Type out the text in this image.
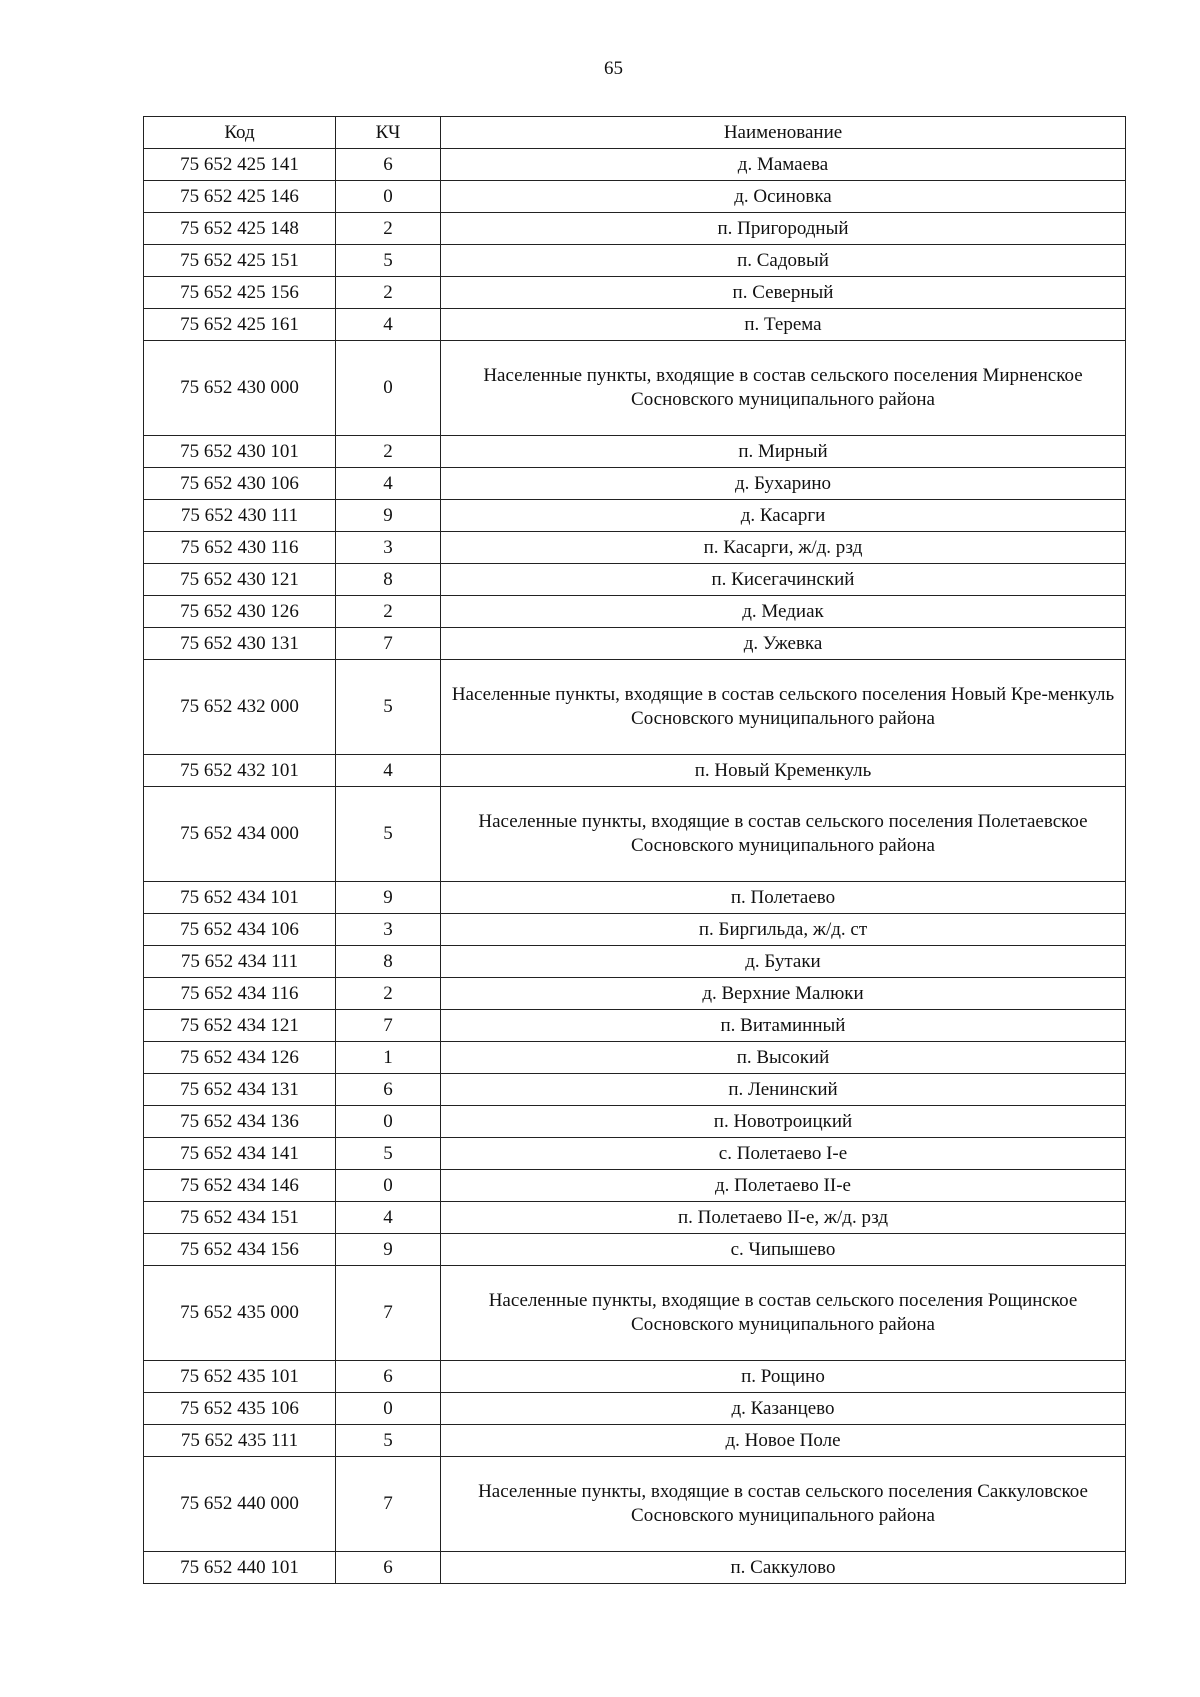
65
Код	КЧ	Наименование
75 652 425 141	6	д. Мамаева
75 652 425 146	0	д. Осиновка
75 652 425 148	2	п. Пригородный
75 652 425 151	5	п. Садовый
75 652 425 156	2	п. Северный
75 652 425 161	4	п. Терема
75 652 430 000	0	Населенные пункты, входящие в состав сельского поселения Мирненское Сосновского муниципального района
75 652 430 101	2	п. Мирный
75 652 430 106	4	д. Бухарино
75 652 430 111	9	д. Касарги
75 652 430 116	3	п. Касарги, ж/д. рзд
75 652 430 121	8	п. Кисегачинский
75 652 430 126	2	д. Медиак
75 652 430 131	7	д. Ужевка
75 652 432 000	5	Населенные пункты, входящие в состав сельского поселения Новый Кре-менкуль Сосновского муниципального района
75 652 432 101	4	п. Новый Кременкуль
75 652 434 000	5	Населенные пункты, входящие в состав сельского поселения Полетаевское Сосновского муниципального района
75 652 434 101	9	п. Полетаево
75 652 434 106	3	п. Биргильда, ж/д. ст
75 652 434 111	8	д. Бутаки
75 652 434 116	2	д. Верхние Малюки
75 652 434 121	7	п. Витаминный
75 652 434 126	1	п. Высокий
75 652 434 131	6	п. Ленинский
75 652 434 136	0	п. Новотроицкий
75 652 434 141	5	с. Полетаево I-е
75 652 434 146	0	д. Полетаево II-е
75 652 434 151	4	п. Полетаево II-е, ж/д. рзд
75 652 434 156	9	с. Чипышево
75 652 435 000	7	Населенные пункты, входящие в состав сельского поселения Рощинское Сосновского муниципального района
75 652 435 101	6	п. Рощино
75 652 435 106	0	д. Казанцево
75 652 435 111	5	д. Новое Поле
75 652 440 000	7	Населенные пункты, входящие в состав сельского поселения Саккуловское Сосновского муниципального района
75 652 440 101	6	п. Саккулово
